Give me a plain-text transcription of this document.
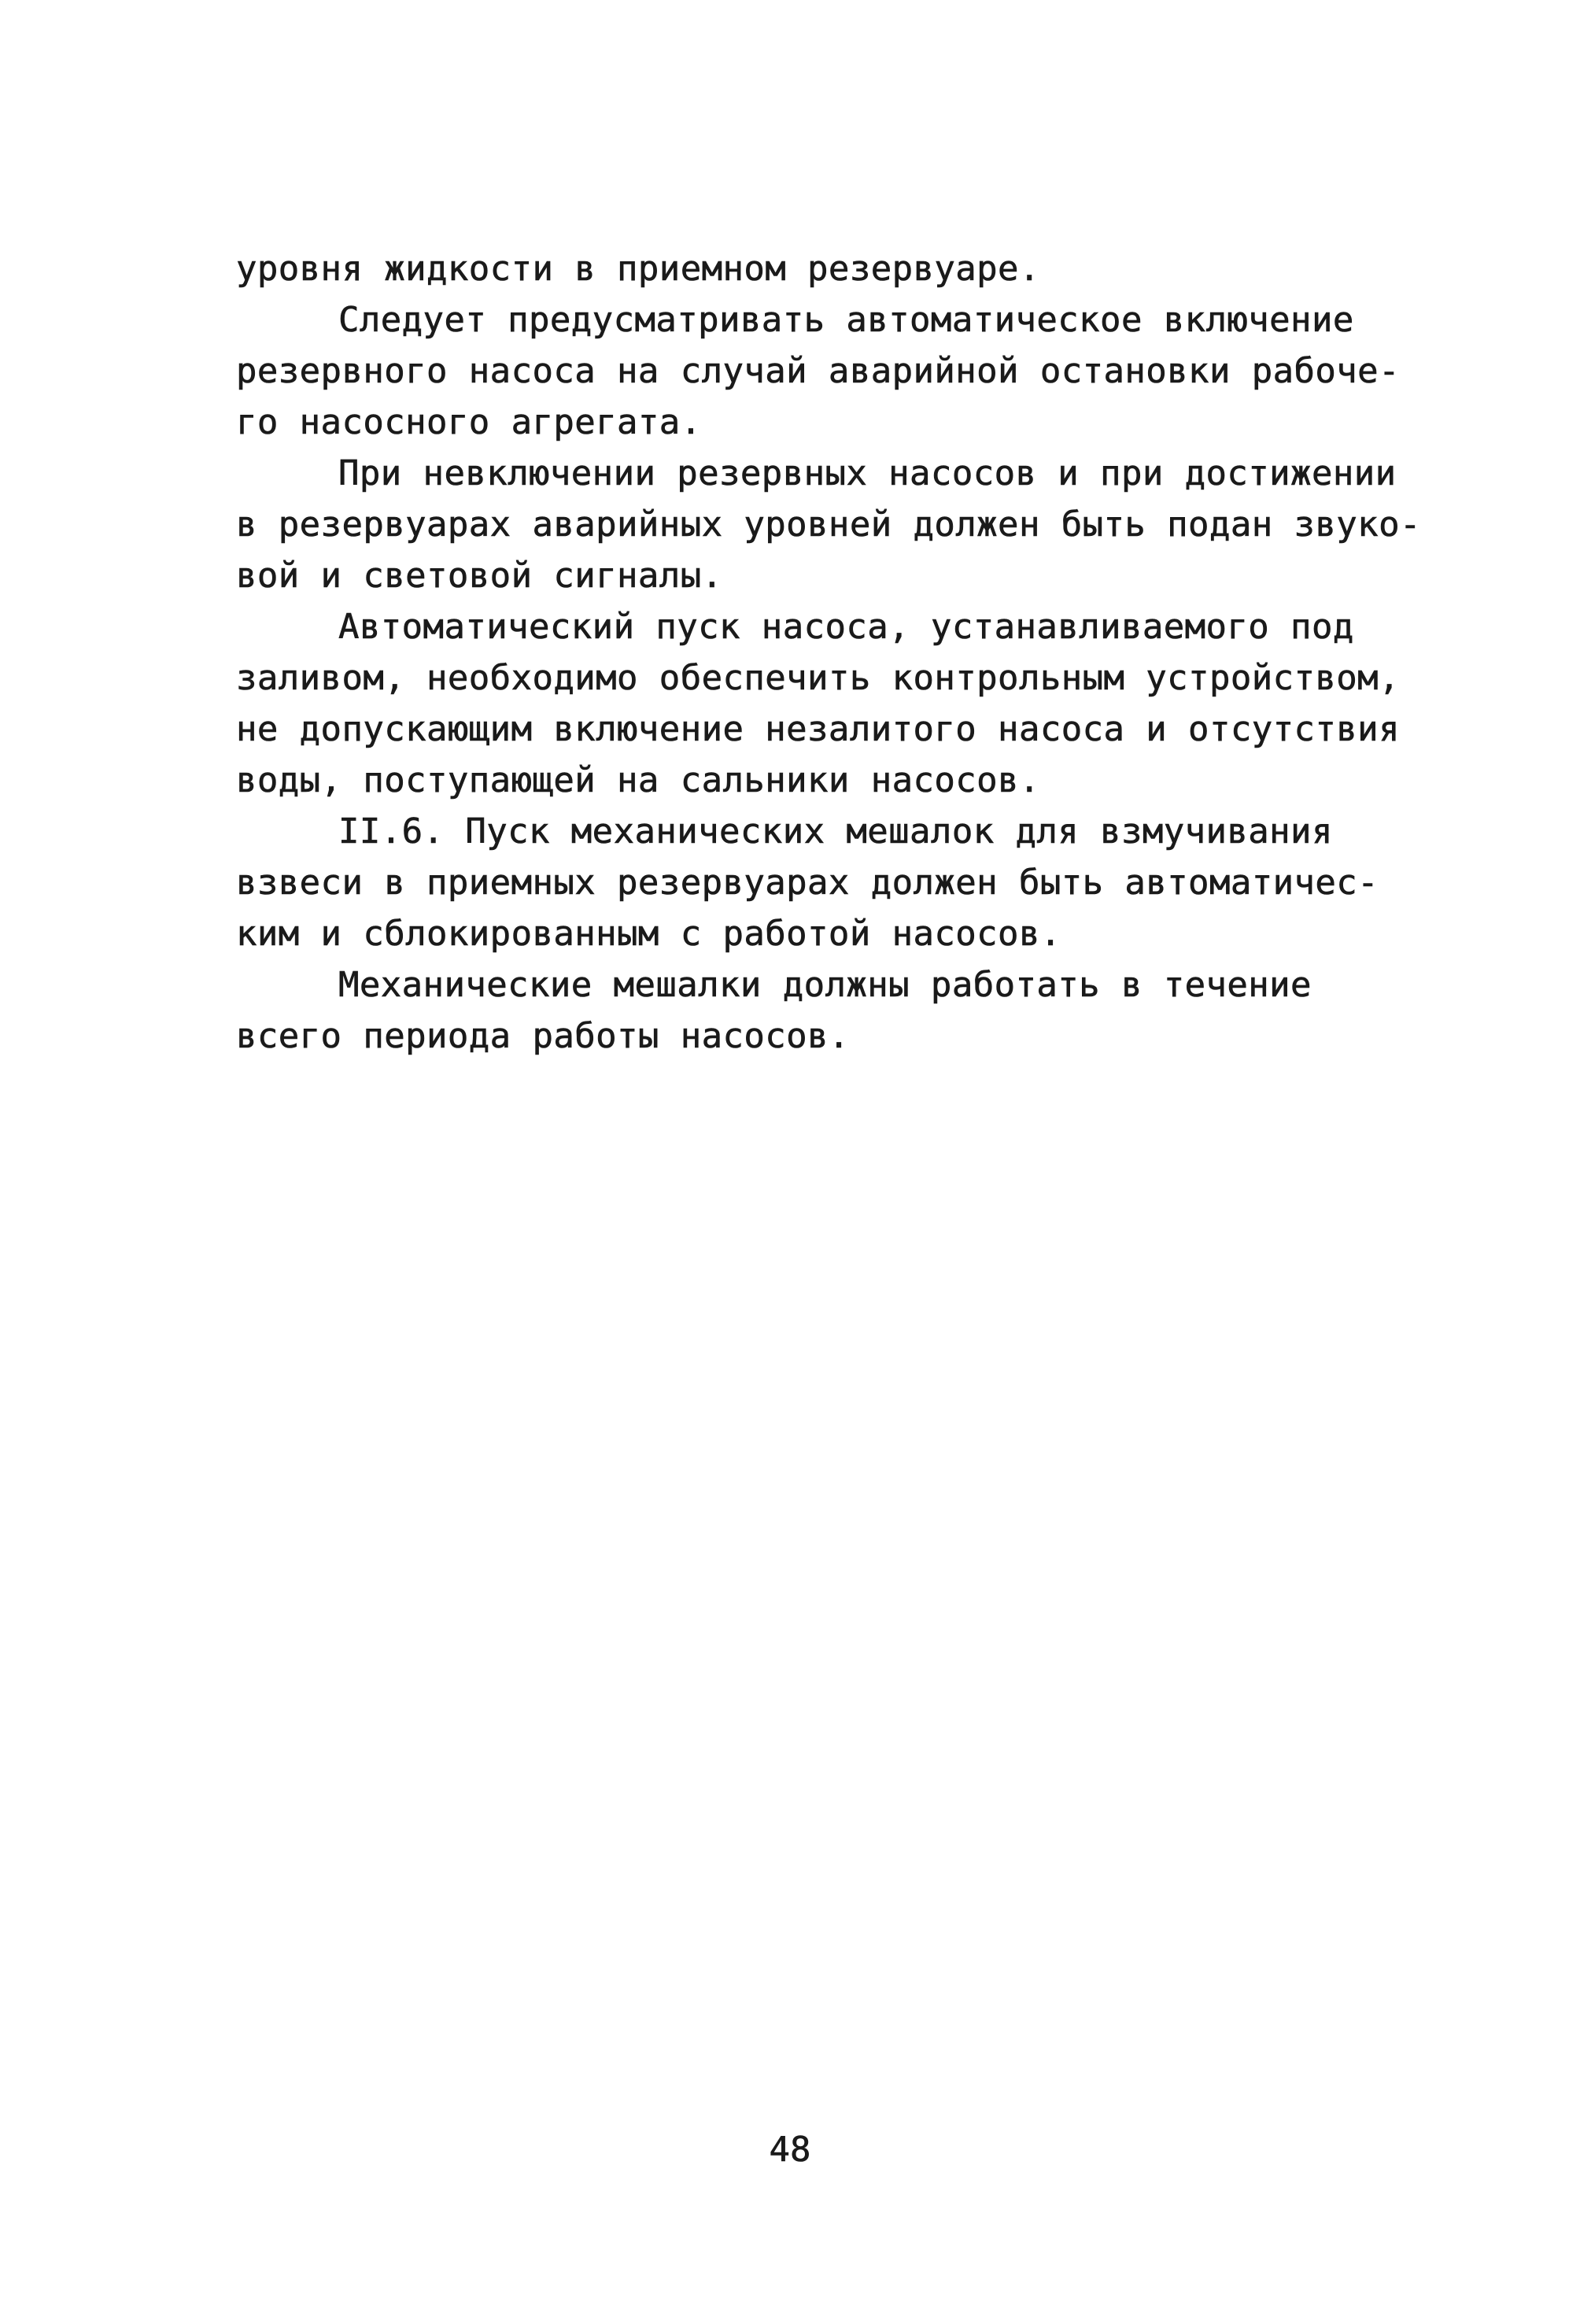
уровня жидкости в приемном резервуаре.
Следует предусматривать автоматическое включение
резервного насоса на случай аварийной остановки рабоче-
го насосного агрегата.
При невключении резервных насосов и при достижении
в резервуарах аварийных уровней должен быть подан звуко-
вой и световой сигналы.
Автоматический пуск насоса, устанавливаемого под
заливом, необходимо обеспечить контрольным устройством,
не допускающим включение незалитого насоса и отсутствия
воды, поступающей на сальники насосов.
II.6. Пуск механических мешалок для взмучивания
взвеси в приемных резервуарах должен быть автоматичес-
ким и сблокированным с работой насосов.
Механические мешалки должны работать в течение
всего периода работы насосов.
48
